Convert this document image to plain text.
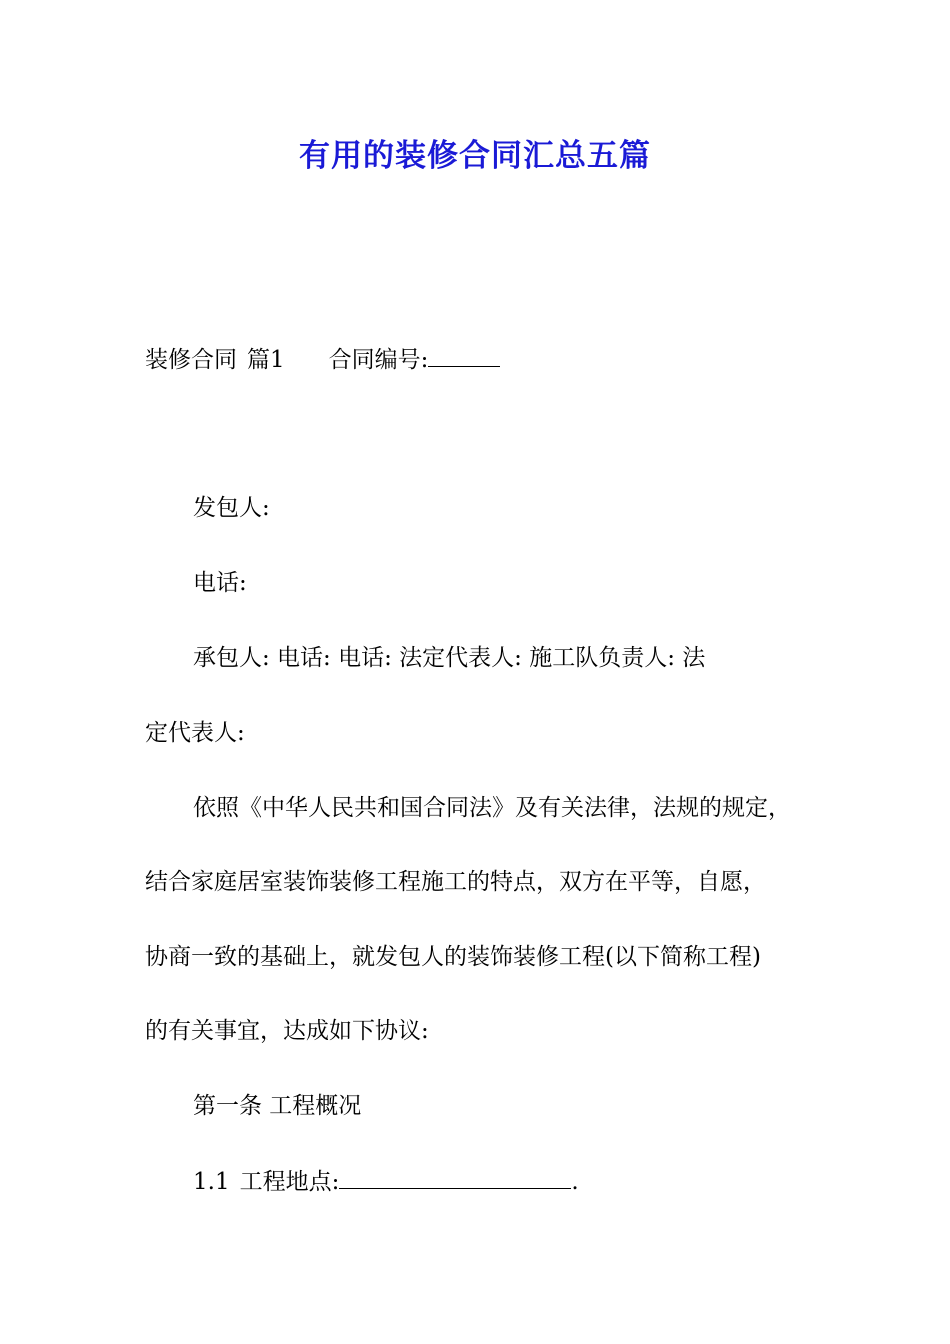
有用的装修合同汇总五篇

装修合同 篇1 合同编号:

发包人:

电话:

承包人: 电话: 电话: 法定代表人: 施工队负责人: 法

定代表人:

依照《中华人民共和国合同法》及有关法律，法规的规定，

结合家庭居室装饰装修工程施工的特点，双方在平等，自愿，

协商一致的基础上，就发包人的装饰装修工程(以下简称工程)

的有关事宜，达成如下协议:

第一条 工程概况

1.1 工程地点:	.
